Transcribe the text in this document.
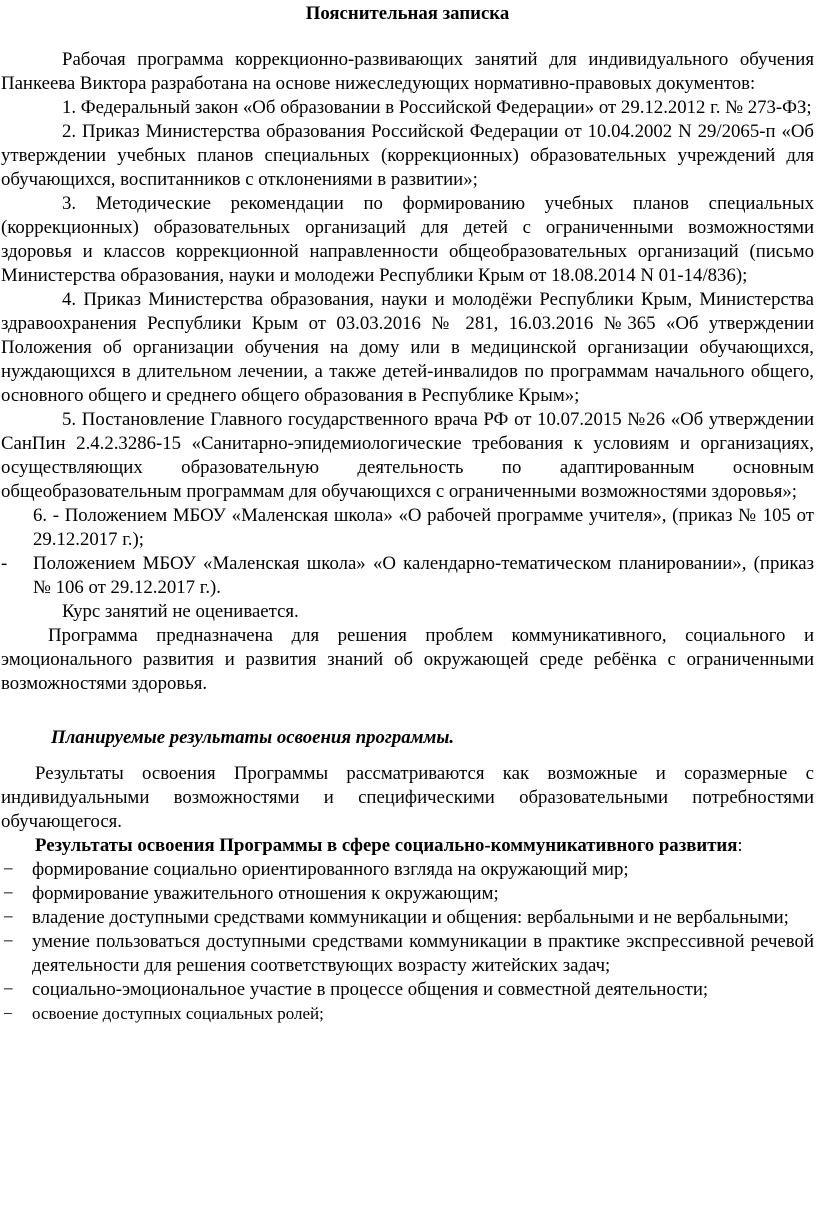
Пояснительная записка

Рабочая программа коррекционно-развивающих занятий для индивидуального обучения Панкеева Виктора разработана на основе нижеследующих нормативно-правовых документов:

1. Федеральный закон «Об образовании в Российской Федерации» от 29.12.2012 г. № 273-ФЗ;

2. Приказ Министерства образования Российской Федерации от 10.04.2002 N 29/2065-п «Об утверждении учебных планов специальных (коррекционных) образовательных учреждений для обучающихся, воспитанников с отклонениями в развитии»;

3. Методические рекомендации по формированию учебных планов специальных (коррекционных) образовательных организаций для детей с ограниченными возможностями здоровья и классов коррекционной направленности общеобразовательных организаций (письмо Министерства образования, науки и молодежи Республики Крым от 18.08.2014 N 01-14/836);

4. Приказ Министерства образования, науки и молодёжи Республики Крым, Министерства здравоохранения Республики Крым от 03.03.2016 № 281, 16.03.2016 №365 «Об утверждении Положения об организации обучения на дому или в медицинской организации обучающихся, нуждающихся в длительном лечении, а также детей-инвалидов по программам начального общего, основного общего и среднего общего образования в Республике Крым»;

5. Постановление Главного государственного врача РФ от 10.07.2015 №26 «Об утверждении СанПин 2.4.2.3286-15 «Санитарно-эпидемиологические требования к условиям и организациях, осуществляющих образовательную деятельность по адаптированным основным общеобразовательным программам для обучающихся с ограниченными возможностями здоровья»;

6. - Положением МБОУ «Маленская школа» «О рабочей программе учителя», (приказ № 105 от 29.12.2017 г.);

- Положением МБОУ «Маленская школа» «О календарно-тематическом планировании», (приказ № 106 от 29.12.2017 г.).

Курс занятий не оценивается.

Программа предназначена для решения проблем коммуникативного, социального и эмоционального развития и развития знаний об окружающей среде ребёнка с ограниченными возможностями здоровья.

Планируемые результаты освоения программы.

Результаты освоения Программы рассматриваются как возможные и соразмерные с индивидуальными возможностями и специфическими образовательными потребностями обучающегося.

Результаты освоения Программы в сфере социально-коммуникативного развития:

− формирование социально ориентированного взгляда на окружающий мир;
− формирование уважительного отношения к окружающим;
− владение доступными средствами коммуникации и общения: вербальными и не вербальными;
− умение пользоваться доступными средствами коммуникации в практике экспрессивной речевой деятельности для решения соответствующих возрасту житейских задач;
− социально-эмоциональное участие в процессе общения и совместной деятельности;
− освоение доступных социальных ролей;
